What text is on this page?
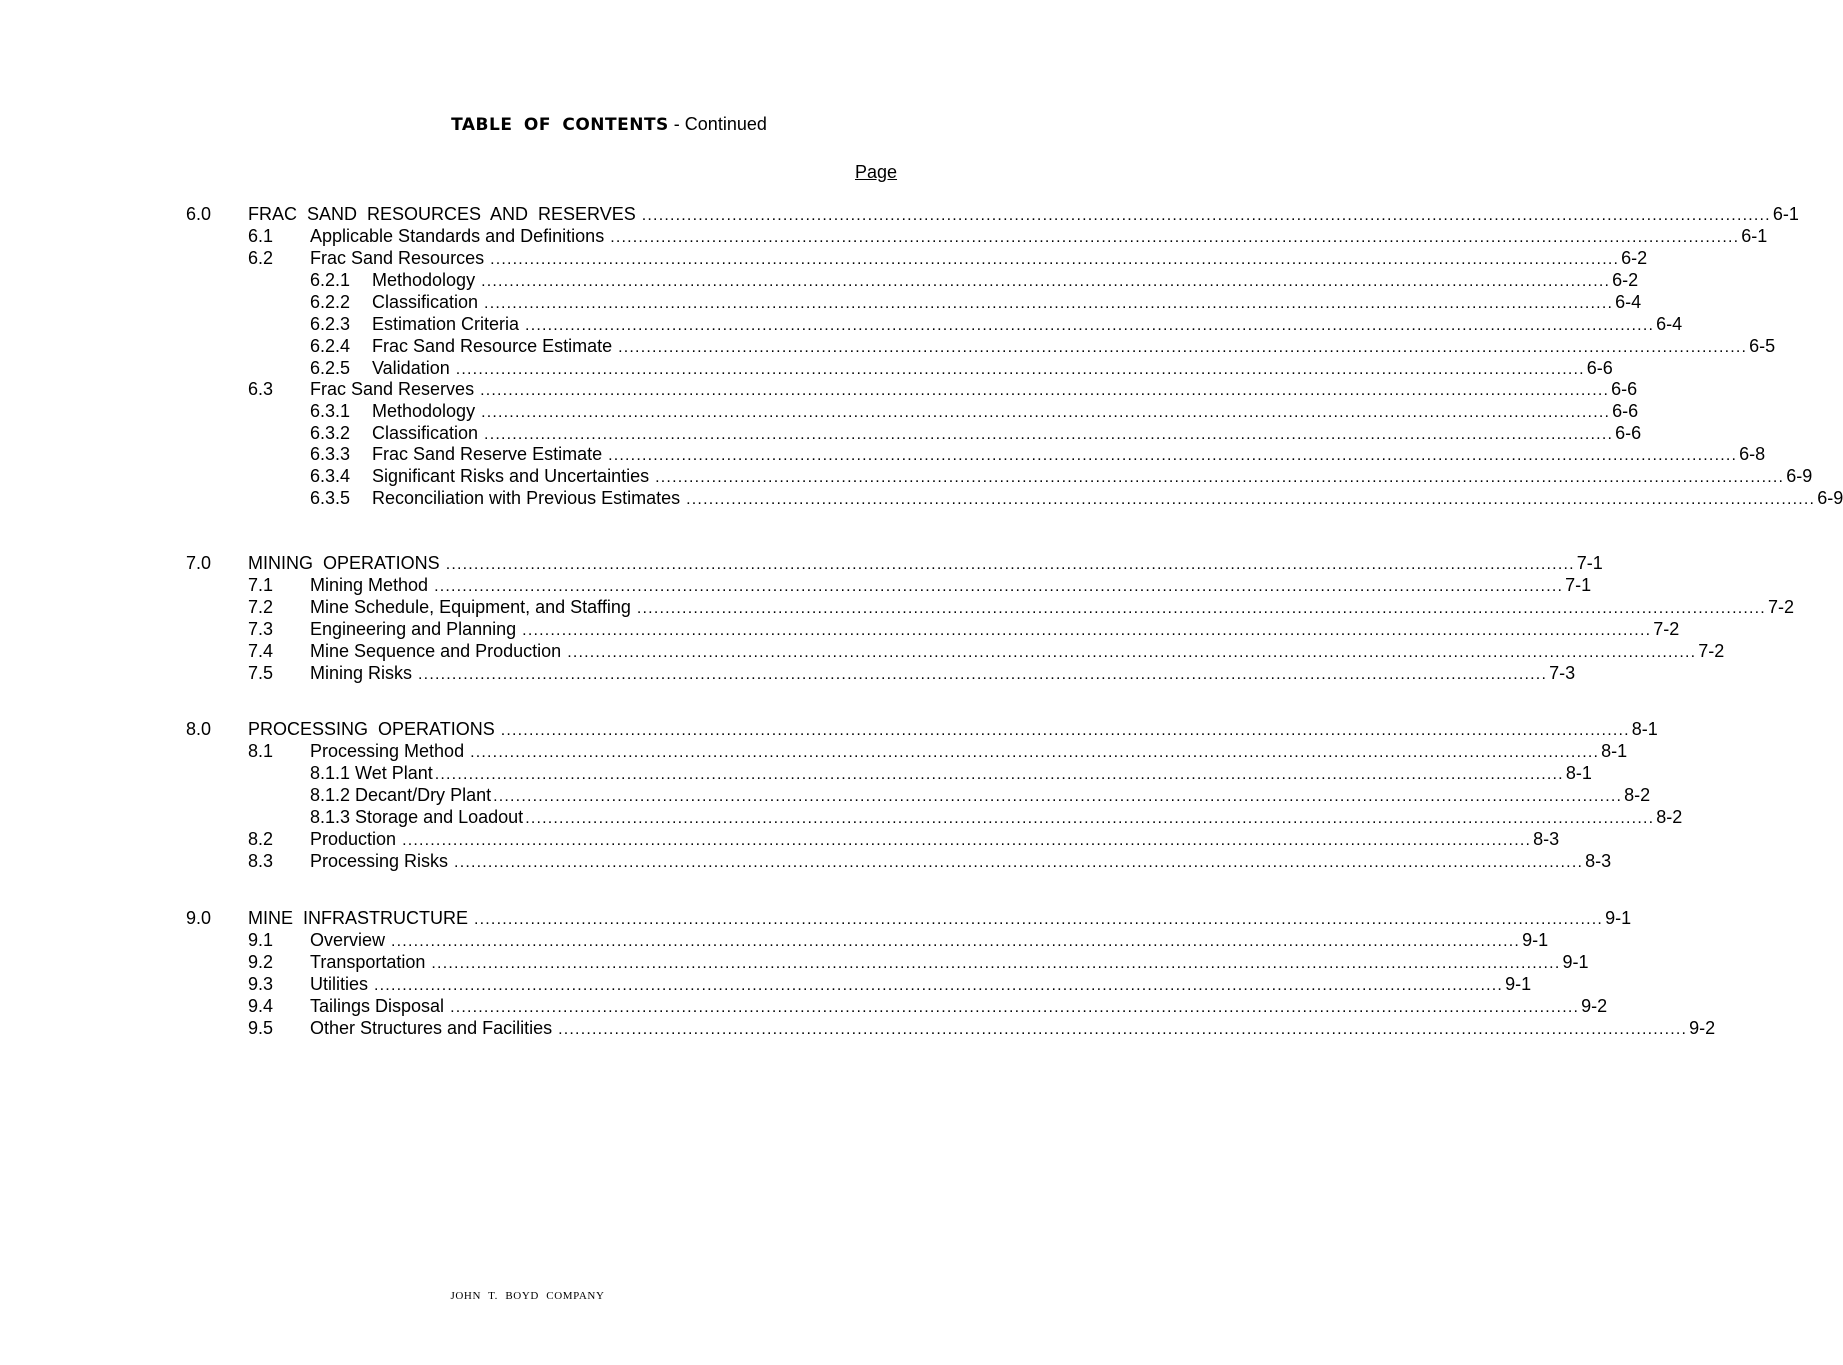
TABLE OF CONTENTS - Continued
Page
6.0 FRAC SAND RESOURCES AND RESERVES ........................................................................................................................................................................................................ 6-1
6.1 Applicable Standards and Definitions ........................................................................................................................................................................................................ 6-1
6.2 Frac Sand Resources ........................................................................................................................................................................................................ 6-2
6.2.1 Methodology ........................................................................................................................................................................................................ 6-2
6.2.2 Classification ........................................................................................................................................................................................................ 6-4
6.2.3 Estimation Criteria ........................................................................................................................................................................................................ 6-4
6.2.4 Frac Sand Resource Estimate ........................................................................................................................................................................................................ 6-5
6.2.5 Validation ........................................................................................................................................................................................................ 6-6
6.3 Frac Sand Reserves ........................................................................................................................................................................................................ 6-6
6.3.1 Methodology ........................................................................................................................................................................................................ 6-6
6.3.2 Classification ........................................................................................................................................................................................................ 6-6
6.3.3 Frac Sand Reserve Estimate ........................................................................................................................................................................................................ 6-8
6.3.4 Significant Risks and Uncertainties ........................................................................................................................................................................................................ 6-9
6.3.5 Reconciliation with Previous Estimates ........................................................................................................................................................................................................ 6-9
7.0 MINING OPERATIONS ........................................................................................................................................................................................................ 7-1
7.1 Mining Method ........................................................................................................................................................................................................ 7-1
7.2 Mine Schedule, Equipment, and Staffing ........................................................................................................................................................................................................ 7-2
7.3 Engineering and Planning ........................................................................................................................................................................................................ 7-2
7.4 Mine Sequence and Production ........................................................................................................................................................................................................ 7-2
7.5 Mining Risks ........................................................................................................................................................................................................ 7-3
8.0 PROCESSING OPERATIONS ........................................................................................................................................................................................................ 8-1
8.1 Processing Method ........................................................................................................................................................................................................ 8-1
8.1.1 Wet Plant ........................................................................................................................................................................................................ 8-1
8.1.2 Decant/Dry Plant ........................................................................................................................................................................................................ 8-2
8.1.3 Storage and Loadout ........................................................................................................................................................................................................ 8-2
8.2 Production ........................................................................................................................................................................................................ 8-3
8.3 Processing Risks ........................................................................................................................................................................................................ 8-3
9.0 MINE INFRASTRUCTURE ........................................................................................................................................................................................................ 9-1
9.1 Overview ........................................................................................................................................................................................................ 9-1
9.2 Transportation ........................................................................................................................................................................................................ 9-1
9.3 Utilities ........................................................................................................................................................................................................ 9-1
9.4 Tailings Disposal ........................................................................................................................................................................................................ 9-2
9.5 Other Structures and Facilities ........................................................................................................................................................................................................ 9-2
JOHN T. BOYD COMPANY
